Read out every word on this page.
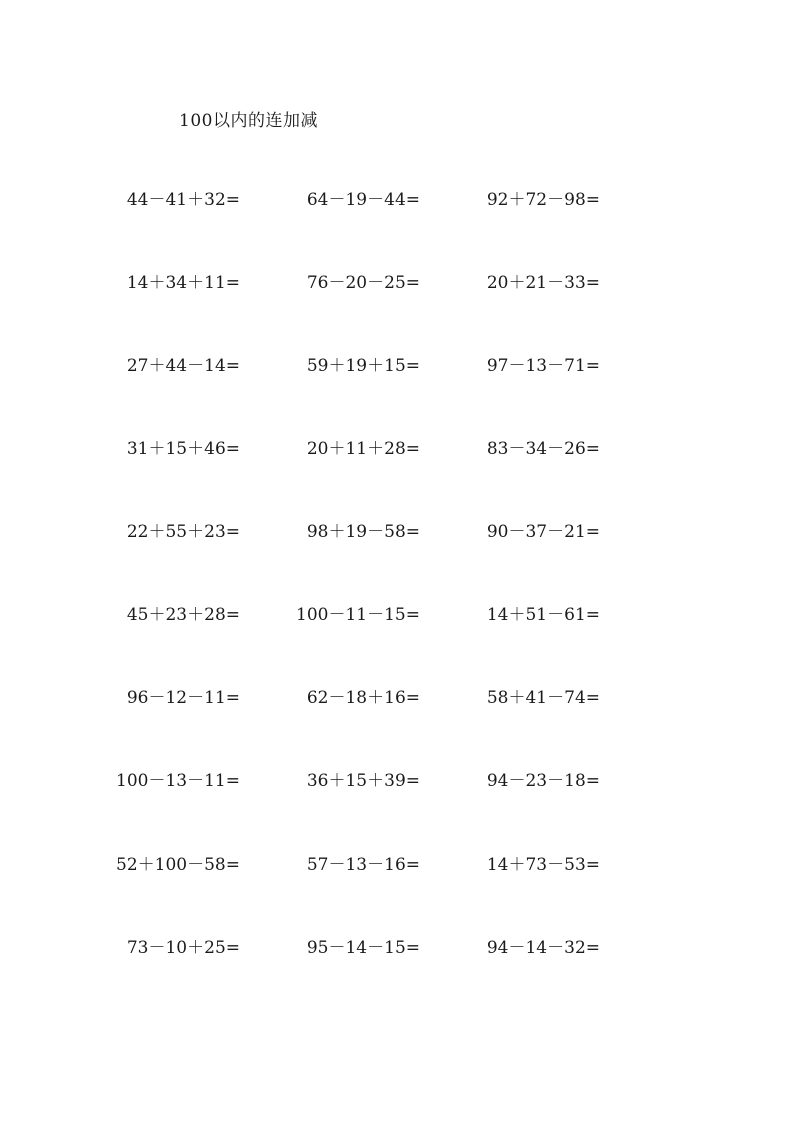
100以内的连加减
44－41＋32=	64－19－44=	92＋72－98=
14＋34＋11=	76－20－25=	20＋21－33=
27＋44－14=	59＋19＋15=	97－13－71=
31＋15＋46=	20＋11＋28=	83－34－26=
22＋55＋23=	98＋19－58=	90－37－21=
45＋23＋28=	100－11－15=	14＋51－61=
96－12－11=	62－18＋16=	58＋41－74=
100－13－11=	36＋15＋39=	94－23－18=
52＋100－58=	57－13－16=	14＋73－53=
73－10＋25=	95－14－15=	94－14－32=
